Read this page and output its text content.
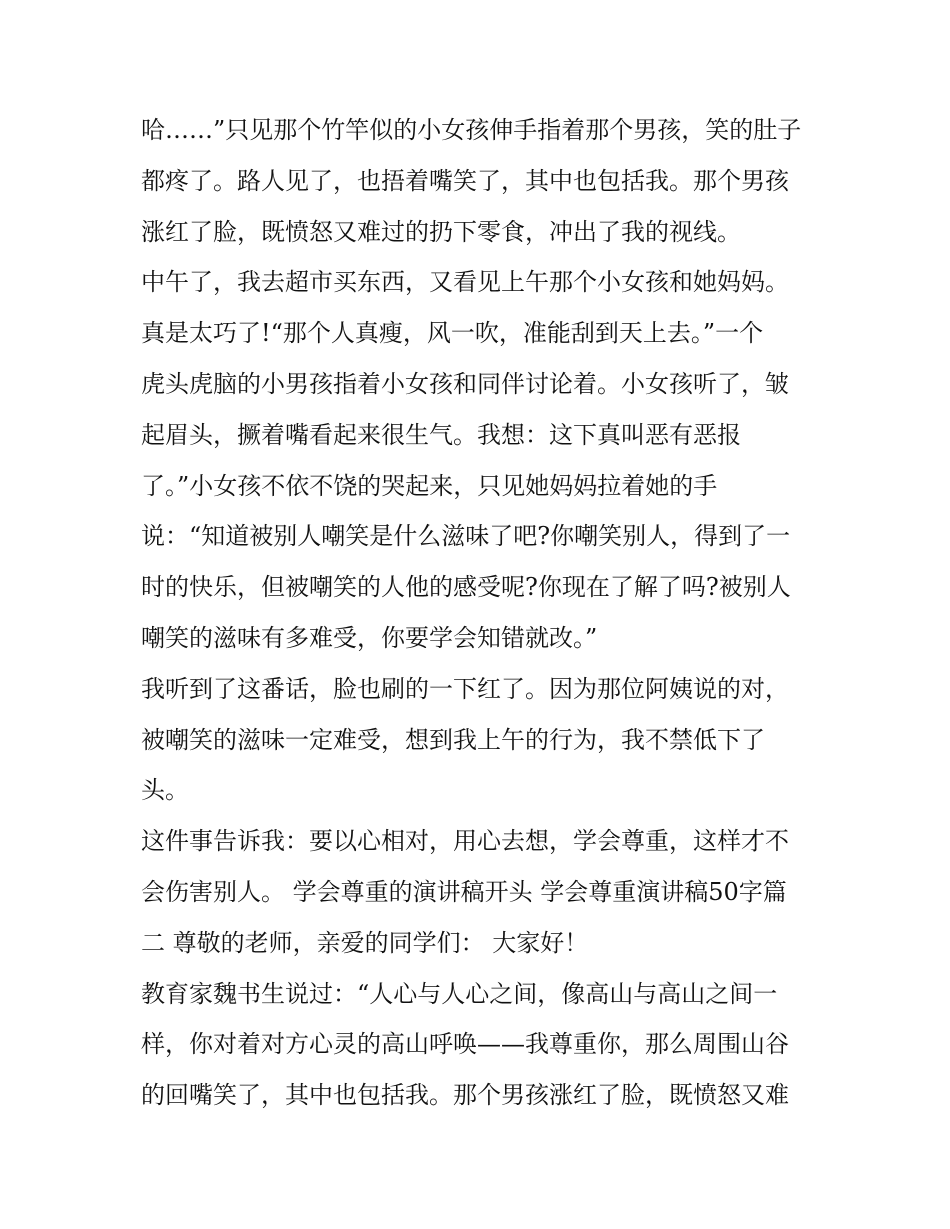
哈……”只见那个竹竿似的小女孩伸手指着那个男孩，笑的肚子
都疼了。路人见了，也捂着嘴笑了，其中也包括我。那个男孩
涨红了脸，既愤怒又难过的扔下零食，冲出了我的视线。
中午了，我去超市买东西，又看见上午那个小女孩和她妈妈。
真是太巧了!“那个人真瘦，风一吹，准能刮到天上去。”一个
虎头虎脑的小男孩指着小女孩和同伴讨论着。小女孩听了，皱
起眉头，撅着嘴看起来很生气。我想：这下真叫恶有恶报
了。”小女孩不依不饶的哭起来，只见她妈妈拉着她的手
说：“知道被别人嘲笑是什么滋味了吧?你嘲笑别人，得到了一
时的快乐，但被嘲笑的人他的感受呢?你现在了解了吗?被别人
嘲笑的滋味有多难受，你要学会知错就改。”
我听到了这番话，脸也刷的一下红了。因为那位阿姨说的对，
被嘲笑的滋味一定难受，想到我上午的行为，我不禁低下了
头。
这件事告诉我：要以心相对，用心去想，学会尊重，这样才不
会伤害别人。 学会尊重的演讲稿开头 学会尊重演讲稿50字篇
二 尊敬的老师，亲爱的同学们： 大家好！
教育家魏书生说过：“人心与人心之间，像高山与高山之间一
样，你对着对方心灵的高山呼唤——我尊重你，那么周围山谷
的回嘴笑了，其中也包括我。那个男孩涨红了脸，既愤怒又难
